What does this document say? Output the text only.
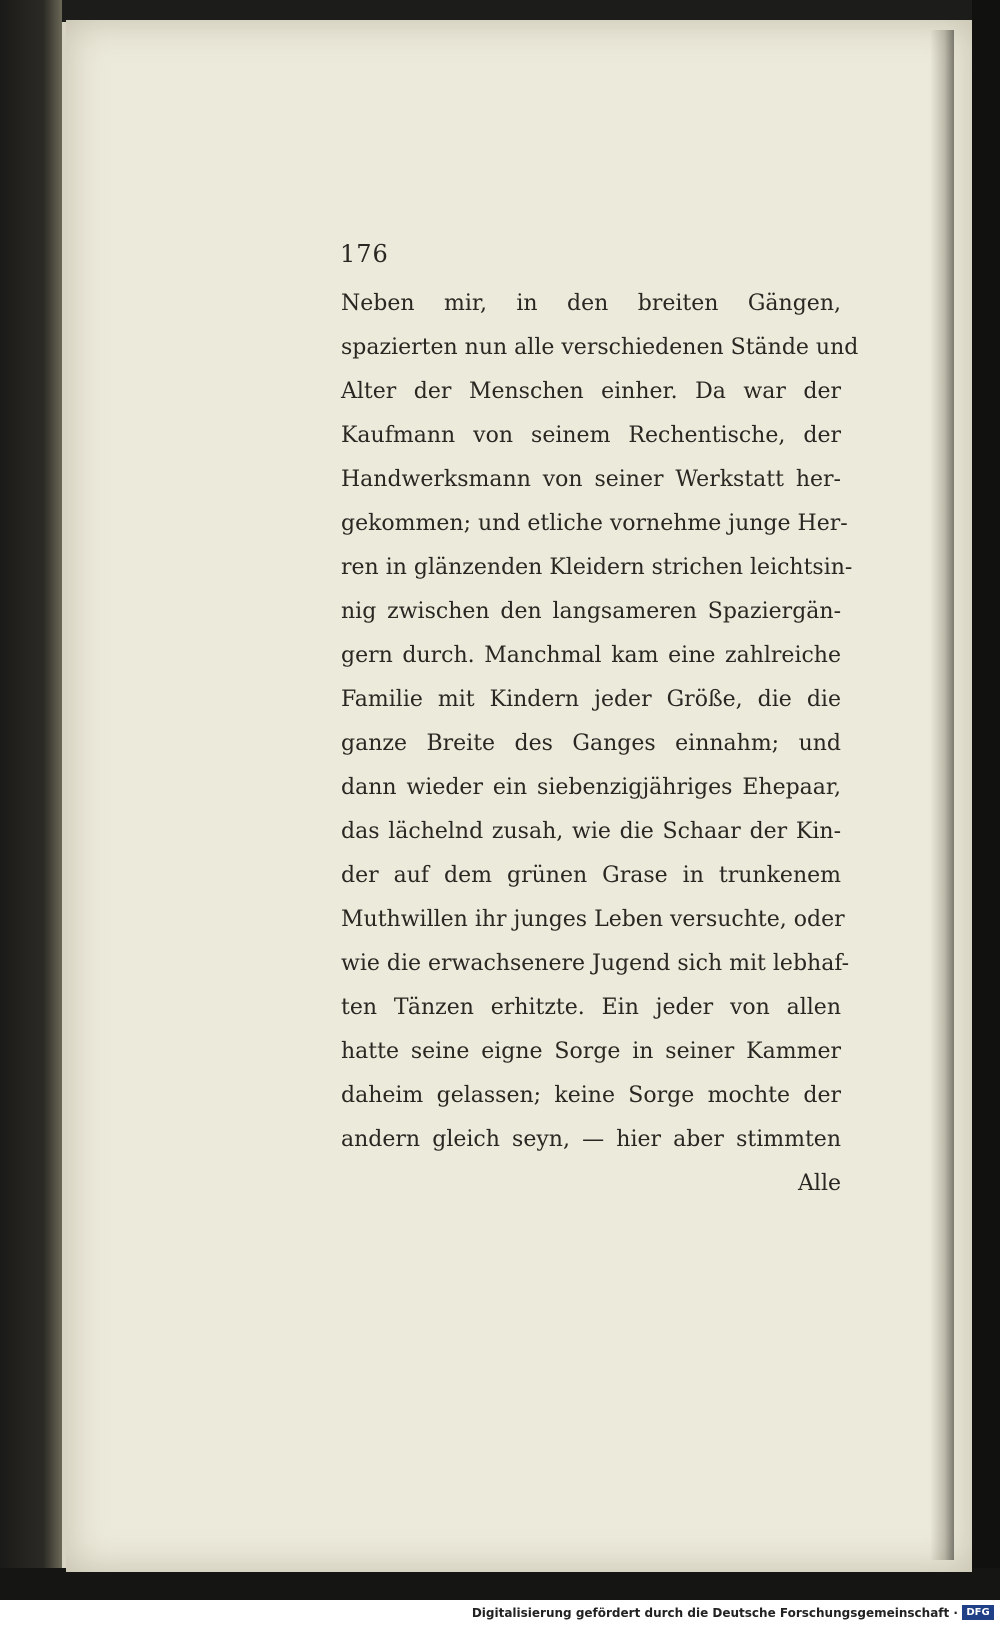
176
Neben mir, in den breiten Gängen,
spazierten nun alle verschiedenen Stände und
Alter der Menschen einher. Da war der
Kaufmann von seinem Rechentische, der
Handwerksmann von seiner Werkstatt her-
gekommen; und etliche vornehme junge Her-
ren in glänzenden Kleidern strichen leichtsin-
nig zwischen den langsameren Spaziergän-
gern durch. Manchmal kam eine zahlreiche
Familie mit Kindern jeder Größe, die die
ganze Breite des Ganges einnahm; und
dann wieder ein siebenzigjähriges Ehepaar,
das lächelnd zusah, wie die Schaar der Kin-
der auf dem grünen Grase in trunkenem
Muthwillen ihr junges Leben versuchte, oder
wie die erwachsenere Jugend sich mit lebhaf-
ten Tänzen erhitzte. Ein jeder von allen
hatte seine eigne Sorge in seiner Kammer
daheim gelassen; keine Sorge mochte der
andern gleich seyn, — hier aber stimmten
Alle
Digitalisierung gefördert durch die Deutsche Forschungsgemeinschaft · DFG
